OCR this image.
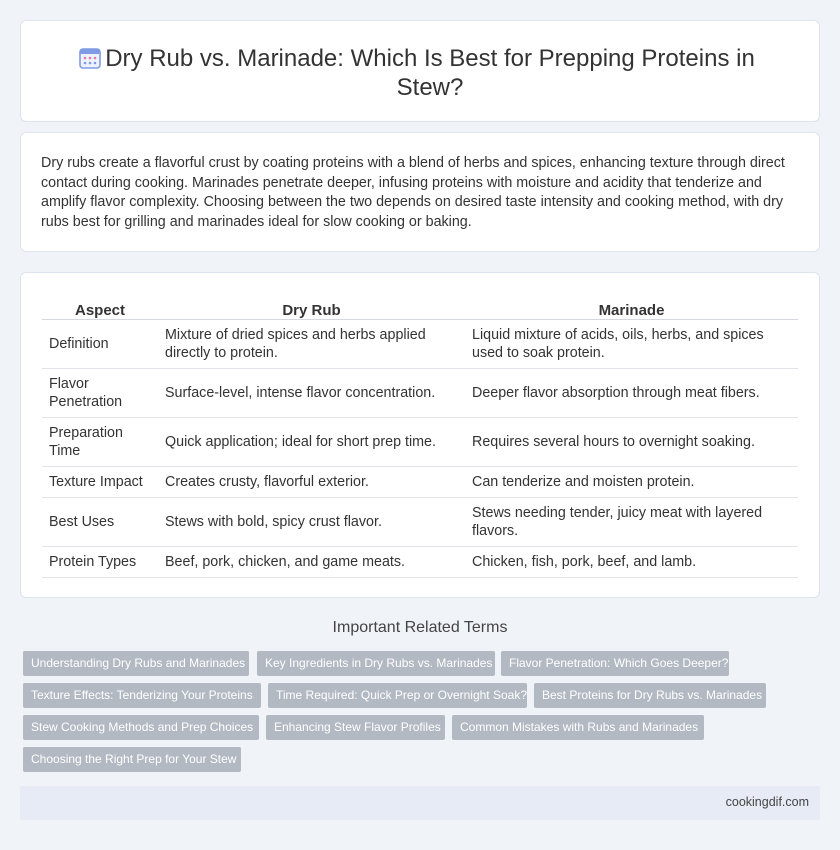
Dry Rub vs. Marinade: Which Is Best for Prepping Proteins in Stew?

Dry rubs create a flavorful crust by coating proteins with a blend of herbs and spices, enhancing texture through direct contact during cooking. Marinades penetrate deeper, infusing proteins with moisture and acidity that tenderize and amplify flavor complexity. Choosing between the two depends on desired taste intensity and cooking method, with dry rubs best for grilling and marinades ideal for slow cooking or baking.

Aspect	Dry Rub	Marinade
Definition	Mixture of dried spices and herbs applied directly to protein.	Liquid mixture of acids, oils, herbs, and spices used to soak protein.
Flavor Penetration	Surface-level, intense flavor concentration.	Deeper flavor absorption through meat fibers.
Preparation Time	Quick application; ideal for short prep time.	Requires several hours to overnight soaking.
Texture Impact	Creates crusty, flavorful exterior.	Can tenderize and moisten protein.
Best Uses	Stews with bold, spicy crust flavor.	Stews needing tender, juicy meat with layered flavors.
Protein Types	Beef, pork, chicken, and game meats.	Chicken, fish, pork, beef, and lamb.
Important Related Terms
Understanding Dry Rubs and Marinades	Key Ingredients in Dry Rubs vs. Marinades	Flavor Penetration: Which Goes Deeper?
Texture Effects: Tenderizing Your Proteins	Time Required: Quick Prep or Overnight Soak?	Best Proteins for Dry Rubs vs. Marinades
Stew Cooking Methods and Prep Choices	Enhancing Stew Flavor Profiles	Common Mistakes with Rubs and Marinades
Choosing the Right Prep for Your Stew
cookingdif.com
